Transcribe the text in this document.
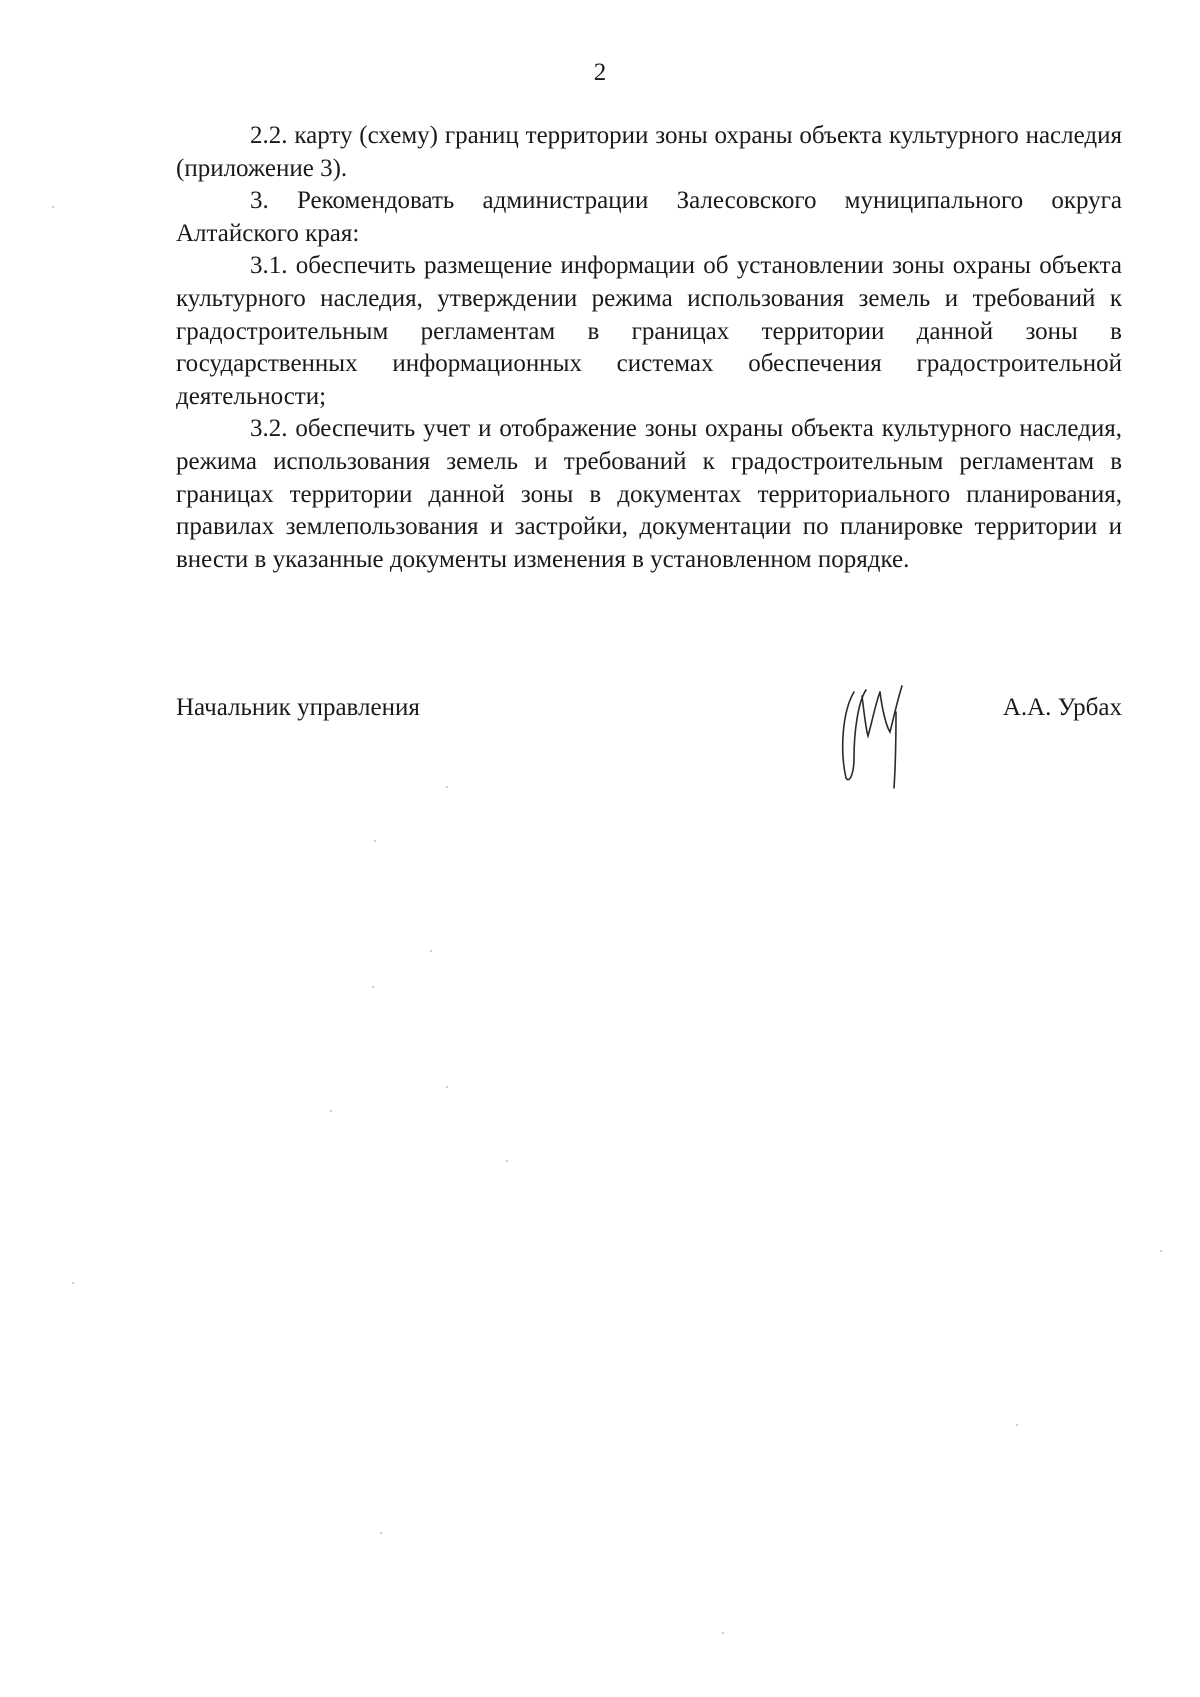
2

2.2. карту (схему) границ территории зоны охраны объекта культурного наследия (приложение 3).

3. Рекомендовать администрации Залесовского муниципального округа Алтайского края:

3.1. обеспечить размещение информации об установлении зоны охраны объекта культурного наследия, утверждении режима использования земель и требований к градостроительным регламентам в границах территории данной зоны в государственных информационных системах обеспечения градостроительной деятельности;

3.2. обеспечить учет и отображение зоны охраны объекта культурного наследия, режима использования земель и требований к градостроительным регламентам в границах территории данной зоны в документах территориального планирования, правилах землепользования и застройки, документации по планировке территории и внести в указанные документы изменения в установленном порядке.

Начальник управления	А.А. Урбах
